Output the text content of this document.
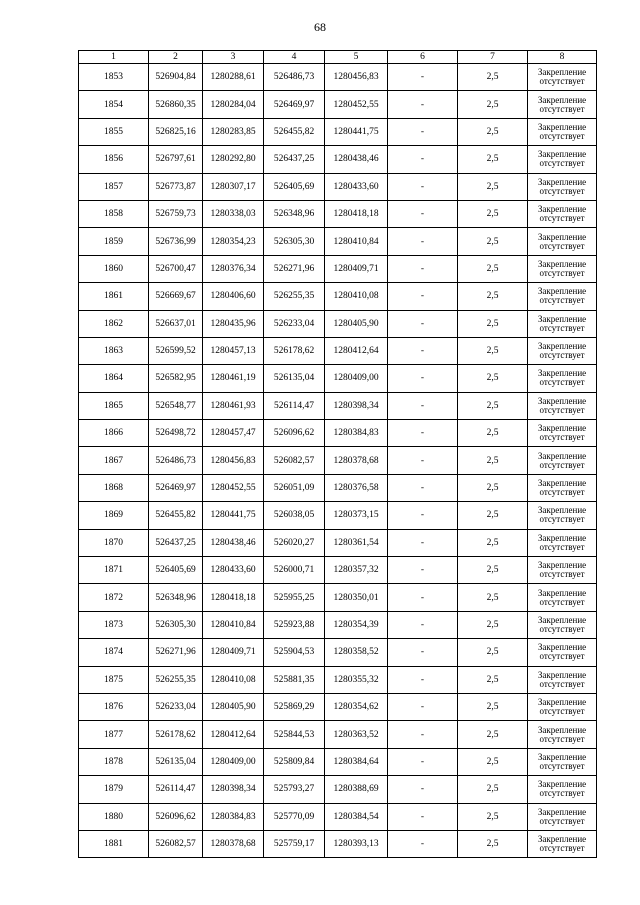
68
1	2	3	4	5	6	7	8
1853	526904,84	1280288,61	526486,73	1280456,83	-	2,5	Закрепление отсутствует
1854	526860,35	1280284,04	526469,97	1280452,55	-	2,5	Закрепление отсутствует
1855	526825,16	1280283,85	526455,82	1280441,75	-	2,5	Закрепление отсутствует
1856	526797,61	1280292,80	526437,25	1280438,46	-	2,5	Закрепление отсутствует
1857	526773,87	1280307,17	526405,69	1280433,60	-	2,5	Закрепление отсутствует
1858	526759,73	1280338,03	526348,96	1280418,18	-	2,5	Закрепление отсутствует
1859	526736,99	1280354,23	526305,30	1280410,84	-	2,5	Закрепление отсутствует
1860	526700,47	1280376,34	526271,96	1280409,71	-	2,5	Закрепление отсутствует
1861	526669,67	1280406,60	526255,35	1280410,08	-	2,5	Закрепление отсутствует
1862	526637,01	1280435,96	526233,04	1280405,90	-	2,5	Закрепление отсутствует
1863	526599,52	1280457,13	526178,62	1280412,64	-	2,5	Закрепление отсутствует
1864	526582,95	1280461,19	526135,04	1280409,00	-	2,5	Закрепление отсутствует
1865	526548,77	1280461,93	526114,47	1280398,34	-	2,5	Закрепление отсутствует
1866	526498,72	1280457,47	526096,62	1280384,83	-	2,5	Закрепление отсутствует
1867	526486,73	1280456,83	526082,57	1280378,68	-	2,5	Закрепление отсутствует
1868	526469,97	1280452,55	526051,09	1280376,58	-	2,5	Закрепление отсутствует
1869	526455,82	1280441,75	526038,05	1280373,15	-	2,5	Закрепление отсутствует
1870	526437,25	1280438,46	526020,27	1280361,54	-	2,5	Закрепление отсутствует
1871	526405,69	1280433,60	526000,71	1280357,32	-	2,5	Закрепление отсутствует
1872	526348,96	1280418,18	525955,25	1280350,01	-	2,5	Закрепление отсутствует
1873	526305,30	1280410,84	525923,88	1280354,39	-	2,5	Закрепление отсутствует
1874	526271,96	1280409,71	525904,53	1280358,52	-	2,5	Закрепление отсутствует
1875	526255,35	1280410,08	525881,35	1280355,32	-	2,5	Закрепление отсутствует
1876	526233,04	1280405,90	525869,29	1280354,62	-	2,5	Закрепление отсутствует
1877	526178,62	1280412,64	525844,53	1280363,52	-	2,5	Закрепление отсутствует
1878	526135,04	1280409,00	525809,84	1280384,64	-	2,5	Закрепление отсутствует
1879	526114,47	1280398,34	525793,27	1280388,69	-	2,5	Закрепление отсутствует
1880	526096,62	1280384,83	525770,09	1280384,54	-	2,5	Закрепление отсутствует
1881	526082,57	1280378,68	525759,17	1280393,13	-	2,5	Закрепление отсутствует
